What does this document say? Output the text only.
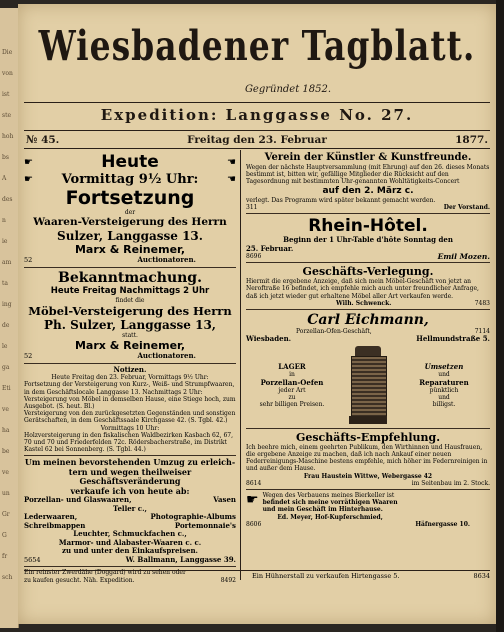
Die
von
ist
ste
hoh
bs
A
des
n
ie
am
ta
ing
de
le
ga
Eti
ve
ha
be
ve
un
Gr
G
fr
sch
Wiesbadener Tagblatt.
Gegründet 1852.
Expedition: Langgasse No. 27.
№ 45.	Freitag den 23. Februar	1877.
☛	Heute	☚
☛ Vormittag 9½ Uhr:	☚
Fortsetzung
der
Waaren-Versteigerung des Herrn
Sulzer, Langgasse 13.
Marx & Reinemer,
52	Auctionatoren.
Bekanntmachung.
Heute Freitag Nachmittags 2 Uhr
findet die
Möbel-Versteigerung des Herrn
Ph. Sulzer, Langgasse 13,
statt.
Marx & Reinemer,
52	Auctionatoren.
Notizen.

Heute Freitag den 23. Februar, Vormittags 9½ Uhr:

Fortsetzung der Versteigerung von Kurz-, Weiß- und Strumpfwaaren, in dem Geschäftslocale Langgasse 13. Nachmittags 2 Uhr: Versteigerung von Möbel in demselben Hause, eine Stiege hoch, zum Ausgebot. (S. heut. Bl.)

Versteigerung von den zurückgesetzten Gegenständen und sonstigen Gerätschaften, in dem Geschäftssaale Kirchgasse 42. (S. Tgbl. 42.)

Vormittags 10 Uhr:

Holzversteigerung in den fiskalischen Waldbezirken Kasbach 62, 67, 70 und 70 und Friederfelden 72c. Rödersbacherstraße, im Distrikt Kastel 62 bei Sonnenberg. (S. Tgbl. 44.)

Um meinen bevorstehenden Umzug zu erleich-
tern und wegen theilweiser Geschäftsveränderung
verkaufe ich von heute ab:
Porzellan- und Glaswaaren,	Vasen
Teller c.,
Lederwaaren,	Photographie-Albums
Schreibmappen	Portemonnaie's
Leuchter, Schmuckfachen c.,
Marmor- und Alabaster-Waaren c. c.
zu und unter den Einkaufspreisen.
5654	W. Ballmann, Langgasse 39.

Ein reinster Zwerdähe (Doggard) wird zu sehen oder

zu kaufen gesucht. Näh. Expedition.	8492
Verein der Künstler & Kunstfreunde.

Wegen der nächste Hauptversammlung (mit Ehrung) auf den 26. dieses Monats bestimmt ist, bitten wir, gefällige Mitglieder die Rücksicht auf den Tagesordnung mit bestimmten Uhr-genannten Wohltätigkeits-Concert

auf den 2. März c.

verlegt. Das Programm wird später bekannt gemacht werden.

311	Der Vorstand.
Rhein-Hôtel.
Beginn der 1 Uhr-Table d'hôte Sonntag den
25. Februar.
8696	Emil Mozen.
Geschäfts-Verlegung.

Hiermit die ergebene Anzeige, daß sich mein Möbel-Geschäft von jetzt an Neroftraße 16 befindet, ich empfehle mich auch unter freundlicher Anfrage, daß ich jetzt wieder gut erhaltene Möbel aller Art verkaufen werde.

Wilh. Schwenck.	7483
Carl Eichmann,
Porzellan-Ofen-Geschäft,	7114
Wiesbaden.	Hellmundstraße 5.
LAGER
in
Porzellan-Oefen
jeder Art
zu
sehr billigen Preisen.
Umsetzen
und
Reparaturen
pünktlich
und
billigst.
Geschäfts-Empfehlung.

Ich beehre mich, einem geehrten Publikum, den Wirthinnen und Hausfrauen, die ergebene Anzeige zu machen, daß ich nach Ankauf einer neuen Federreinigungs-Maschine bestens empfehle, mich höher im Federnreinigen in und außer dem Hause.

Frau Haustein Wittwe, Webergasse 42
8614	im Seitenbau im 2. Stock.
☛ Wegen des Verbauens meines Bierkeller ist

befindet sich meine vorräthigen Waaren

und mein Geschäft im Hinterhause.

Ed. Meyer, Hof-Kupferschmied,

8606	Häfnergasse 10.
Ein Hühnerstall zu verkaufen Hirtengasse 5.	8634
